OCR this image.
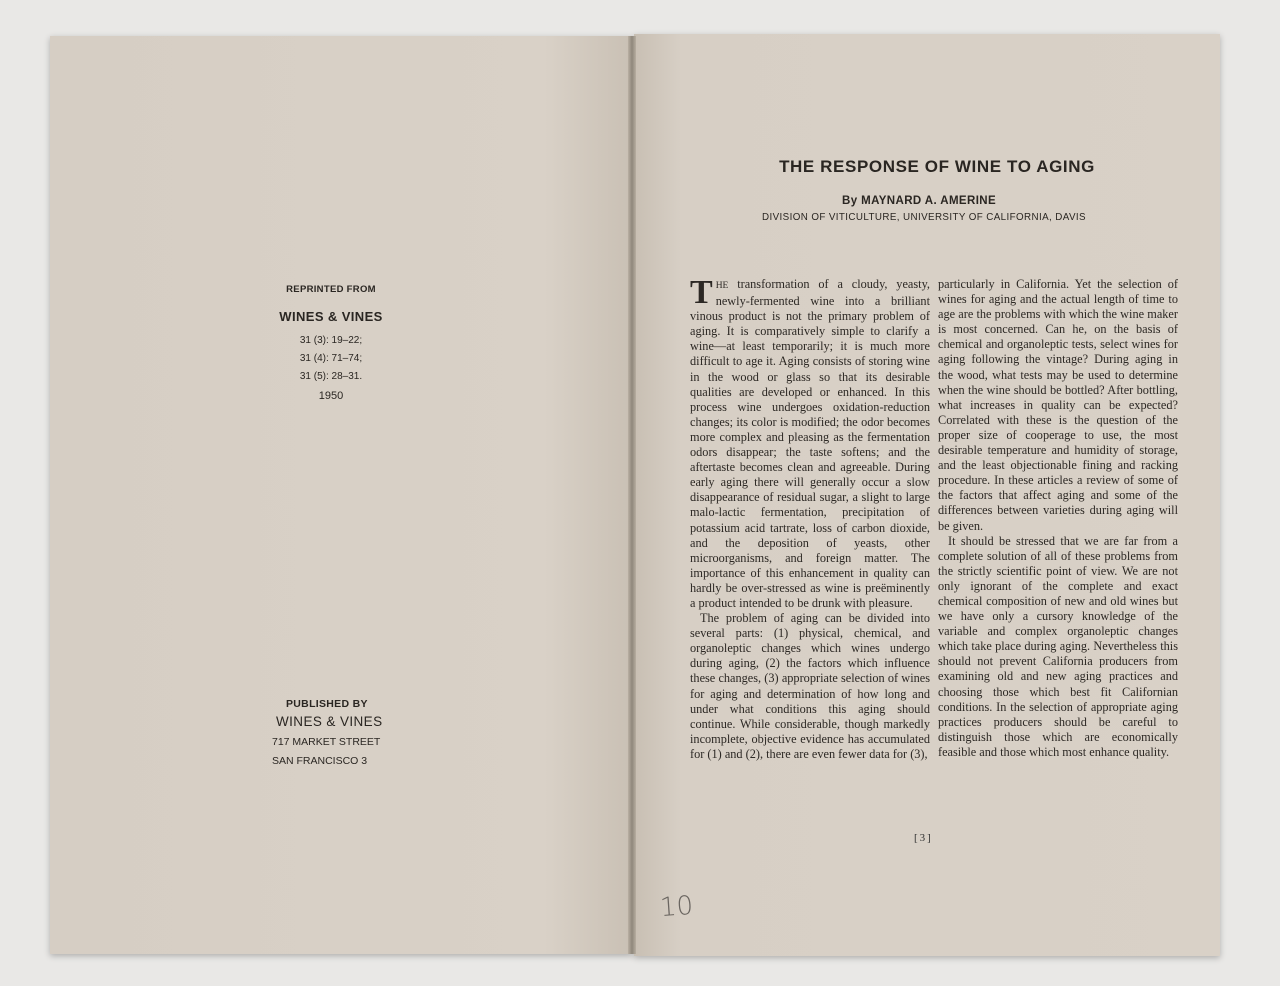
REPRINTED FROM
WINES & VINES
31 (3): 19–22;
31 (4): 71–74;
31 (5): 28–31.
1950
PUBLISHED BY
WINES & VINES
717 MARKET STREET
SAN FRANCISCO 3
THE RESPONSE OF WINE TO AGING
By MAYNARD A. AMERINE
DIVISION OF VITICULTURE, UNIVERSITY OF CALIFORNIA, DAVIS

THE transformation of a cloudy, yeasty, newly-fermented wine into a brilliant vinous product is not the primary problem of aging. It is comparatively simple to clarify a wine—at least temporarily; it is much more difficult to age it. Aging consists of storing wine in the wood or glass so that its desirable qualities are developed or enhanced. In this process wine undergoes oxidation-reduction changes; its color is modified; the odor becomes more complex and pleasing as the fermentation odors disappear; the taste softens; and the aftertaste becomes clean and agreeable. During early aging there will generally occur a slow disappearance of residual sugar, a slight to large malo-lactic fermentation, precipitation of potassium acid tartrate, loss of carbon dioxide, and the deposition of yeasts, other microorganisms, and foreign matter. The importance of this enhancement in quality can hardly be over-stressed as wine is preëminently a product intended to be drunk with pleasure.

The problem of aging can be divided into several parts: (1) physical, chemical, and organoleptic changes which wines undergo during aging, (2) the factors which influence these changes, (3) appropriate selection of wines for aging and determination of how long and under what conditions this aging should continue. While considerable, though markedly incomplete, objective evidence has accumulated for (1) and (2), there are even fewer data for (3),

particularly in California. Yet the selection of wines for aging and the actual length of time to age are the problems with which the wine maker is most concerned. Can he, on the basis of chemical and organoleptic tests, select wines for aging following the vintage? During aging in the wood, what tests may be used to determine when the wine should be bottled? After bottling, what increases in quality can be expected? Correlated with these is the question of the proper size of cooperage to use, the most desirable temperature and humidity of storage, and the least objectionable fining and racking procedure. In these articles a review of some of the factors that affect aging and some of the differences between varieties during aging will be given.

It should be stressed that we are far from a complete solution of all of these problems from the strictly scientific point of view. We are not only ignorant of the complete and exact chemical composition of new and old wines but we have only a cursory knowledge of the variable and complex organoleptic changes which take place during aging. Nevertheless this should not prevent California producers from examining old and new aging practices and choosing those which best fit Californian conditions. In the selection of appropriate aging practices producers should be careful to distinguish those which are economically feasible and those which most enhance quality.

[3]
10
